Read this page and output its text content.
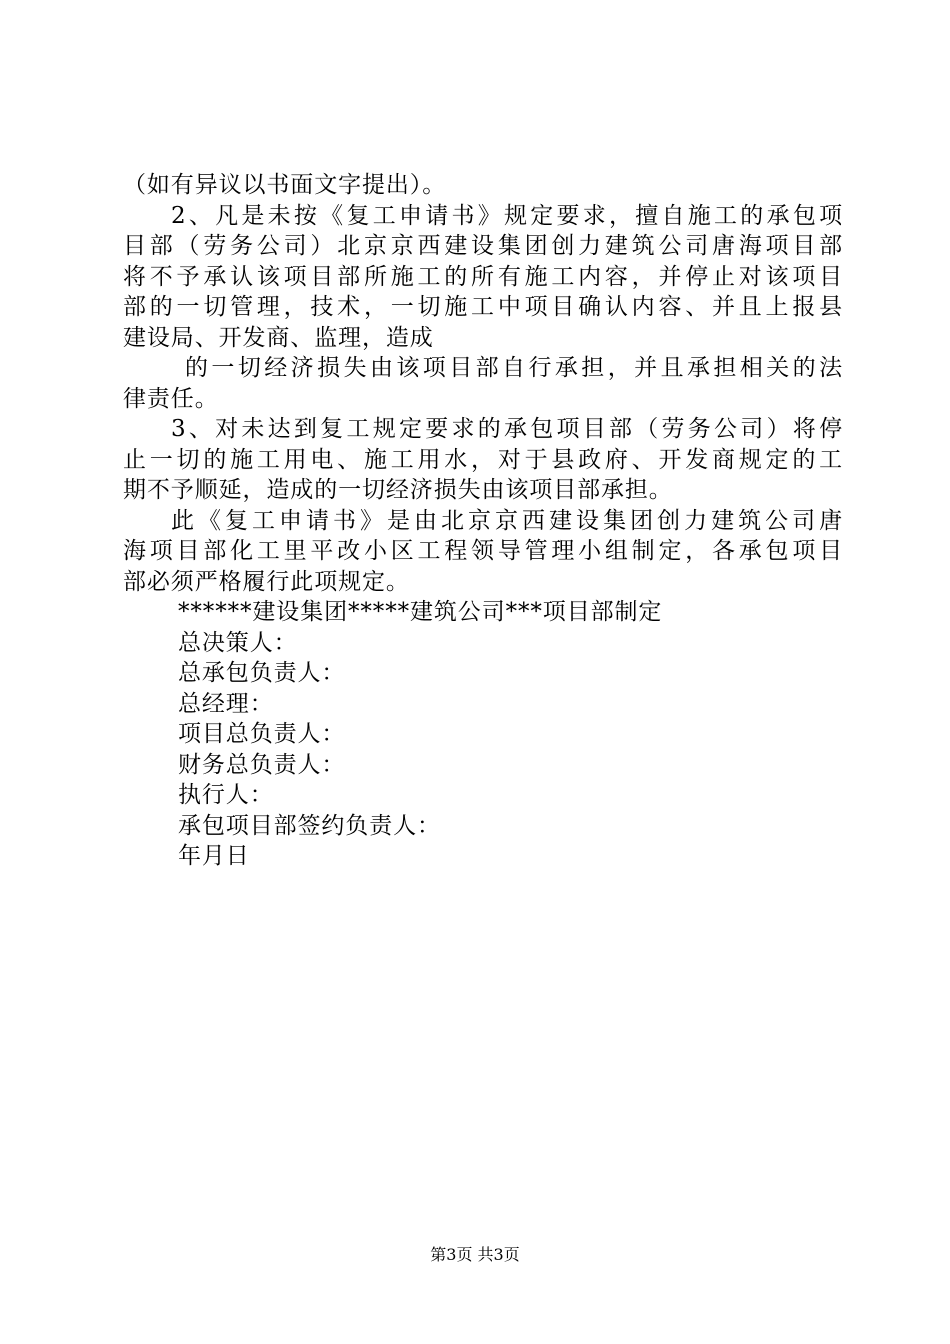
（如有异议以书面文字提出）。
2、凡是未按《复工申请书》规定要求，擅自施工的承包项
目部（劳务公司）北京京西建设集团创力建筑公司唐海项目部
将不予承认该项目部所施工的所有施工内容，并停止对该项目
部的一切管理，技术，一切施工中项目确认内容、并且上报县
建设局、开发商、监理，造成
的一切经济损失由该项目部自行承担，并且承担相关的法
律责任。
3、对未达到复工规定要求的承包项目部（劳务公司）将停
止一切的施工用电、施工用水，对于县政府、开发商规定的工
期不予顺延，造成的一切经济损失由该项目部承担。
此《复工申请书》是由北京京西建设集团创力建筑公司唐
海项目部化工里平改小区工程领导管理小组制定，各承包项目
部必须严格履行此项规定。
******建设集团*****建筑公司***项目部制定
总决策人：
总承包负责人：
总经理：
项目总负责人：
财务总负责人：
执行人：
承包项目部签约负责人：
年月日
第3页 共3页
